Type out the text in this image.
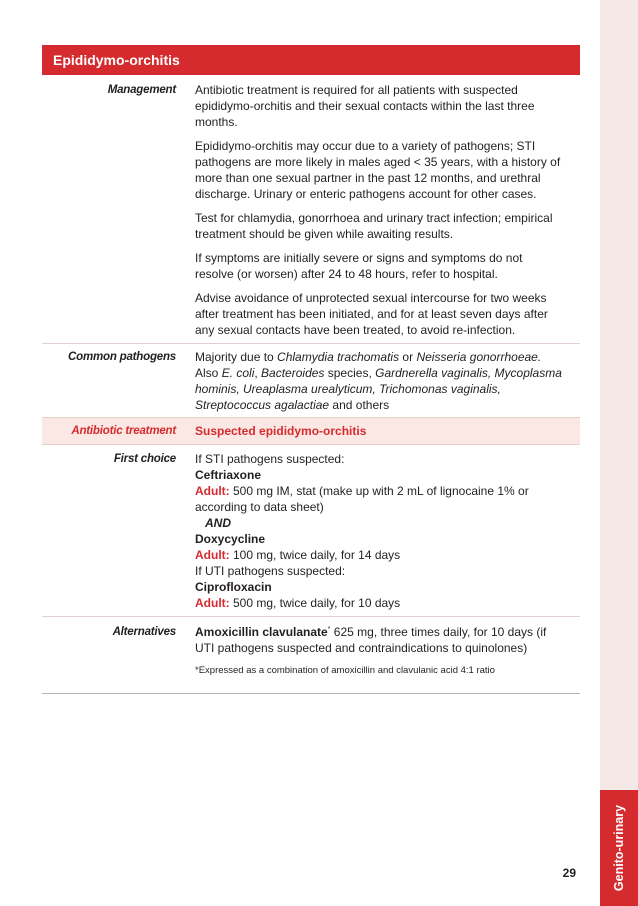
Genito-urinary
Epididymo-orchitis
Management	Antibiotic treatment is required for all patients with suspected epididymo-orchitis and their sexual contacts within the last three months.

Epididymo-orchitis may occur due to a variety of pathogens; STI pathogens are more likely in males aged < 35 years, with a history of more than one sexual partner in the past 12 months, and urethral discharge. Urinary or enteric pathogens account for other cases.

Test for chlamydia, gonorrhoea and urinary tract infection; empirical treatment should be given while awaiting results.

If symptoms are initially severe or signs and symptoms do not resolve (or worsen) after 24 to 48 hours, refer to hospital.

Advise avoidance of unprotected sexual intercourse for two weeks after treatment has been initiated, and for at least seven days after any sexual contacts have been treated, to avoid re-infection.

Common pathogens	Majority due to Chlamydia trachomatis or Neisseria gonorrhoeae.

Also E. coli, Bacteroides species, Gardnerella vaginalis, Mycoplasma hominis, Ureaplasma urealyticum, Trichomonas vaginalis, Streptococcus agalactiae and others

Antibiotic treatment	Suspected epididymo-orchitis
First choice	If STI pathogens suspected:
Ceftriaxone
Adult: 500 mg IM, stat (make up with 2 mL of lignocaine 1% or according to data sheet)
AND
Doxycycline
Adult: 100 mg, twice daily, for 14 days
If UTI pathogens suspected:
Ciprofloxacin
Adult: 500 mg, twice daily, for 10 days
Alternatives	Amoxicillin clavulanate* 625 mg, three times daily, for 10 days (if UTI pathogens suspected and contraindications to quinolones)

*Expressed as a combination of amoxicillin and clavulanic acid 4:1 ratio
29
